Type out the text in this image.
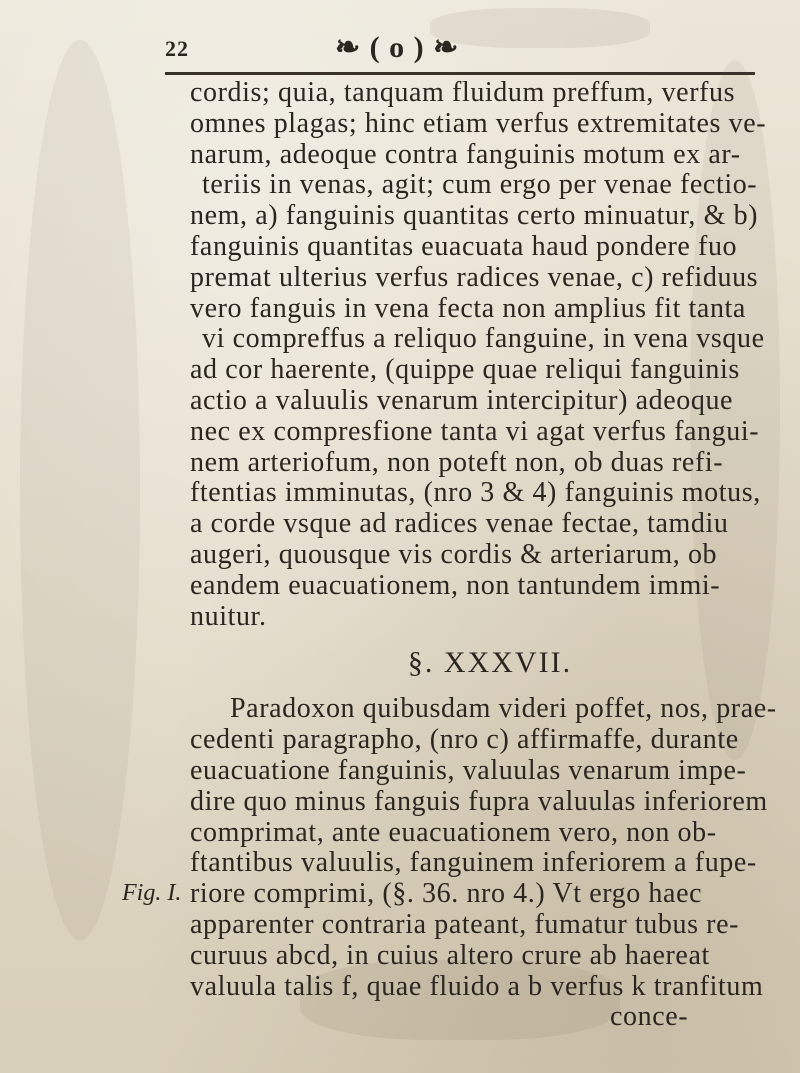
22	❧ ( o ) ❧
Fig. I.
cordis; quia, tanquam fluidum preffum, verfus
omnes plagas; hinc etiam verfus extremitates ve-
narum, adeoque contra fanguinis motum ex ar-
teriis in venas, agit; cum ergo per venae fectio-
nem, a) fanguinis quantitas certo minuatur, & b)
fanguinis quantitas euacuata haud pondere fuo
premat ulterius verfus radices venae, c) refiduus
vero fanguis in vena fecta non amplius fit tanta
vi compreffus a reliquo fanguine, in vena vsque
ad cor haerente, (quippe quae reliqui fanguinis
actio a valuulis venarum intercipitur) adeoque
nec ex compresfione tanta vi agat verfus fangui-
nem arteriofum, non poteft non, ob duas refi-
ftentias imminutas, (nro 3 & 4) fanguinis motus,
a corde vsque ad radices venae fectae, tamdiu
augeri, quousque vis cordis & arteriarum, ob
eandem euacuationem, non tantundem immi-
nuitur.
§. XXXVII.
Paradoxon quibusdam videri poffet, nos, prae-
cedenti paragrapho, (nro c) affirmaffe, durante
euacuatione fanguinis, valuulas venarum impe-
dire quo minus fanguis fupra valuulas inferiorem
comprimat, ante euacuationem vero, non ob-
ftantibus valuulis, fanguinem inferiorem a fupe-
riore comprimi, (§. 36. nro 4.) Vt ergo haec
apparenter contraria pateant, fumatur tubus re-
curuus abcd, in cuius altero crure ab haereat
valuula talis f, quae fluido a b verfus k tranfitum
conce-
